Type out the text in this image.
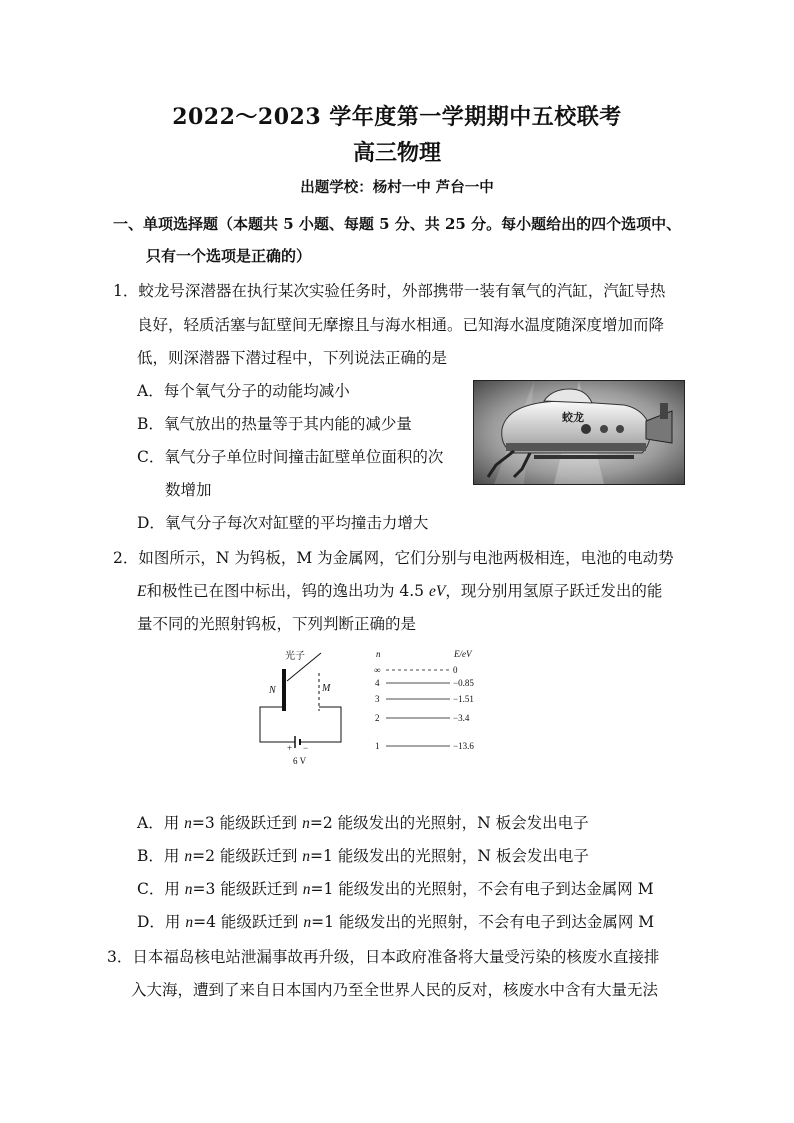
2022～2023 学年度第一学期期中五校联考
高三物理
出题学校：杨村一中 芦台一中
一、单项选择题（本题共 5 小题、每题 5 分、共 25 分。每小题给出的四个选项中、
只有一个选项是正确的）
1．蛟龙号深潜器在执行某次实验任务时，外部携带一装有氧气的汽缸，汽缸导热
良好，轻质活塞与缸壁间无摩擦且与海水相通。已知海水温度随深度增加而降
低，则深潜器下潜过程中，下列说法正确的是
A．每个氧气分子的动能均减小
B．氧气放出的热量等于其内能的减少量
C．氧气分子单位时间撞击缸壁单位面积的次
数增加
D．氧气分子每次对缸壁的平均撞击力增大
蛟龙
2．如图所示，N 为钨板，M 为金属网，它们分别与电池两极相连，电池的电动势
E和极性已在图中标出，钨的逸出功为 4.5 eV，现分别用氢原子跃迁发出的能
量不同的光照射钨板，下列判断正确的是
光子
N	M
+ −
6 V
n	E/eV
∞	0
4	−0.85
3	−1.51
2	−3.4
1	−13.6
A．用 n=3 能级跃迁到 n=2 能级发出的光照射，N 板会发出电子
B．用 n=2 能级跃迁到 n=1 能级发出的光照射，N 板会发出电子
C．用 n=3 能级跃迁到 n=1 能级发出的光照射，不会有电子到达金属网 M
D．用 n=4 能级跃迁到 n=1 能级发出的光照射，不会有电子到达金属网 M
3．日本福岛核电站泄漏事故再升级，日本政府准备将大量受污染的核废水直接排
入大海，遭到了来自日本国内乃至全世界人民的反对，核废水中含有大量无法
